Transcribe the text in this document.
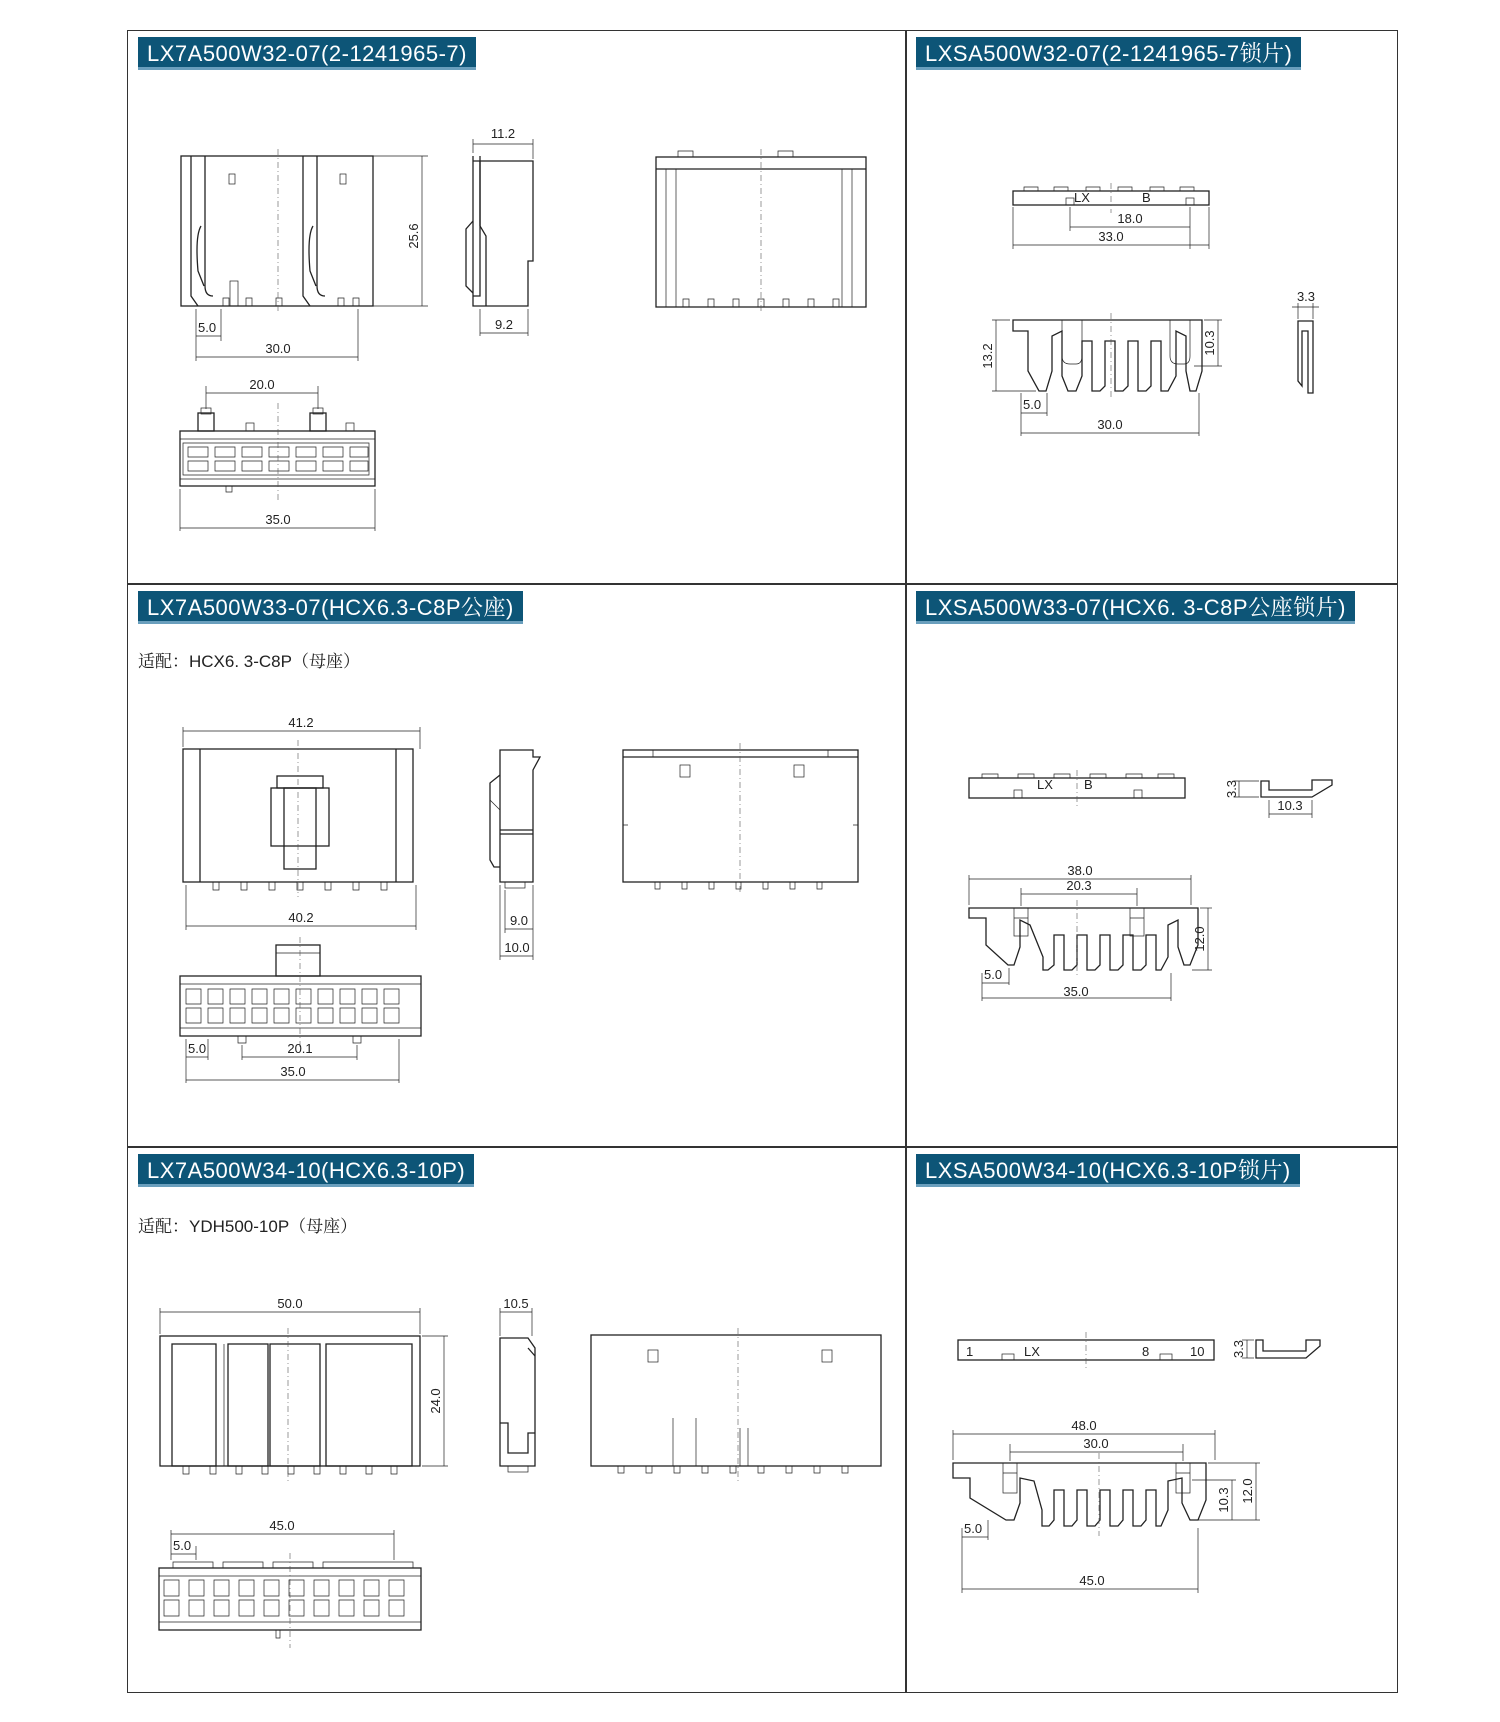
LX7A500W32-07(2-1241965-7)
25.6
5.0
30.0
11.2
9.2
20.0
35.0
LXSA500W32-07(2-1241965-7锁片)
LX	B
18.0
33.0
13.2
10.3
5.0
30.0
3.3
LX7A500W33-07(HCX6.3-C8P公座)
适配：HCX6. 3-C8P（母座）
41.2
40.2	9.0
10.0
5.0	20.1
35.0
LXSA500W33-07(HCX6. 3-C8P公座锁片)
LX B	3.3
10.3
38.0
20.3
12.0
5.0
35.0
LX7A500W34-10(HCX6.3-10P)
适配：YDH500-10P（母座）
50.0
24.0
10.5
45.0
5.0
LXSA500W34-10(HCX6.3-10P锁片)
1	LX	8	10 3.3
48.0
30.0
10.3 12.0
5.0
45.0
